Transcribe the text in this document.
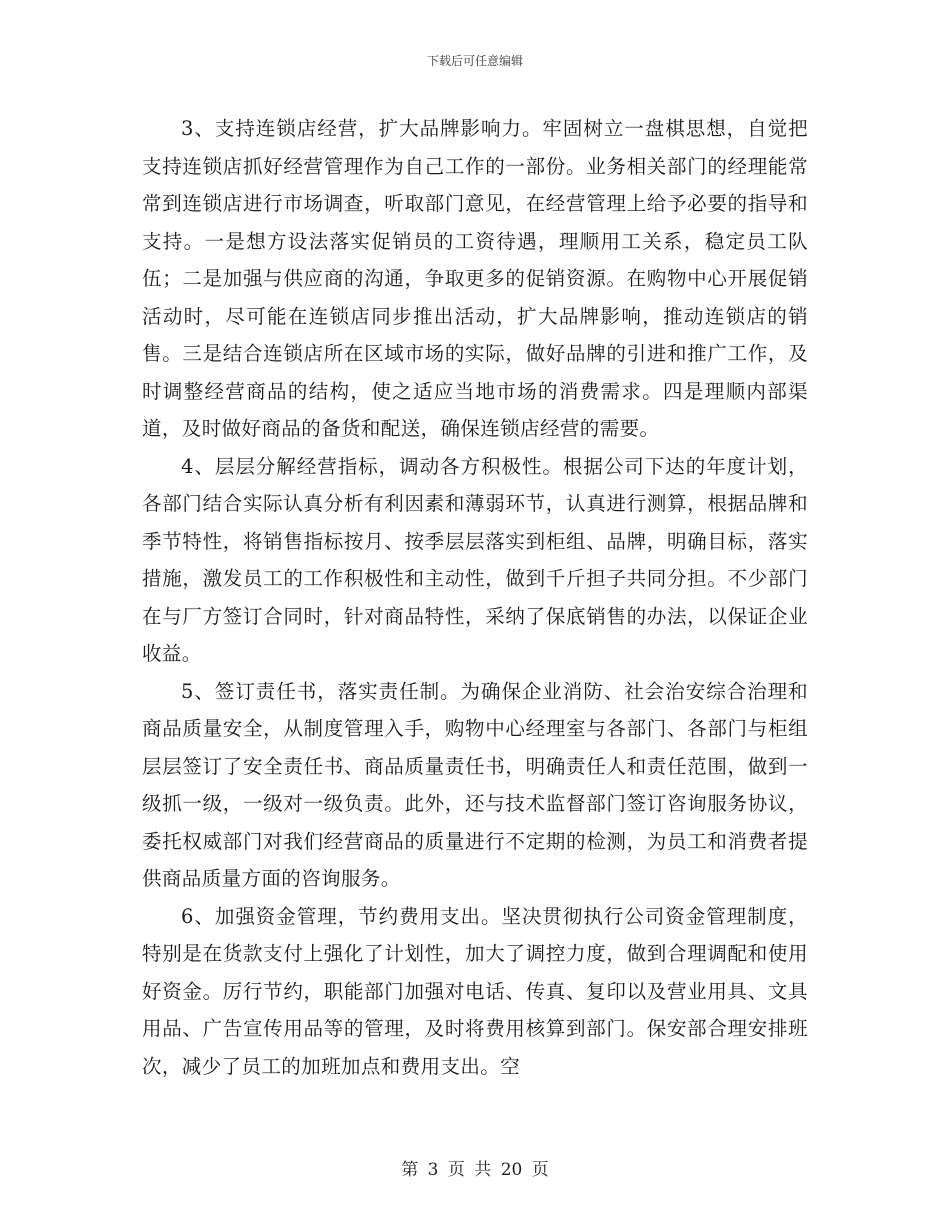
下载后可任意编辑

3、支持连锁店经营，扩大品牌影响力。牢固树立一盘棋思想，自觉把支持连锁店抓好经营管理作为自己工作的一部份。业务相关部门的经理能常常到连锁店进行市场调查，听取部门意见，在经营管理上给予必要的指导和支持。一是想方设法落实促销员的工资待遇，理顺用工关系，稳定员工队伍；二是加强与供应商的沟通，争取更多的促销资源。在购物中心开展促销活动时，尽可能在连锁店同步推出活动，扩大品牌影响，推动连锁店的销售。三是结合连锁店所在区域市场的实际，做好品牌的引进和推广工作，及时调整经营商品的结构，使之适应当地市场的消费需求。四是理顺内部渠道，及时做好商品的备货和配送，确保连锁店经营的需要。

4、层层分解经营指标，调动各方积极性。根据公司下达的年度计划，各部门结合实际认真分析有利因素和薄弱环节，认真进行测算，根据品牌和季节特性，将销售指标按月、按季层层落实到柜组、品牌，明确目标，落实措施，激发员工的工作积极性和主动性，做到千斤担子共同分担。不少部门在与厂方签订合同时，针对商品特性，采纳了保底销售的办法，以保证企业收益。

5、签订责任书，落实责任制。为确保企业消防、社会治安综合治理和商品质量安全，从制度管理入手，购物中心经理室与各部门、各部门与柜组层层签订了安全责任书、商品质量责任书，明确责任人和责任范围，做到一级抓一级，一级对一级负责。此外，还与技术监督部门签订咨询服务协议，委托权威部门对我们经营商品的质量进行不定期的检测，为员工和消费者提供商品质量方面的咨询服务。

6、加强资金管理，节约费用支出。坚决贯彻执行公司资金管理制度，特别是在货款支付上强化了计划性，加大了调控力度，做到合理调配和使用好资金。厉行节约，职能部门加强对电话、传真、复印以及营业用具、文具用品、广告宣传用品等的管理，及时将费用核算到部门。保安部合理安排班次，减少了员工的加班加点和费用支出。空

第 3 页 共 20 页
